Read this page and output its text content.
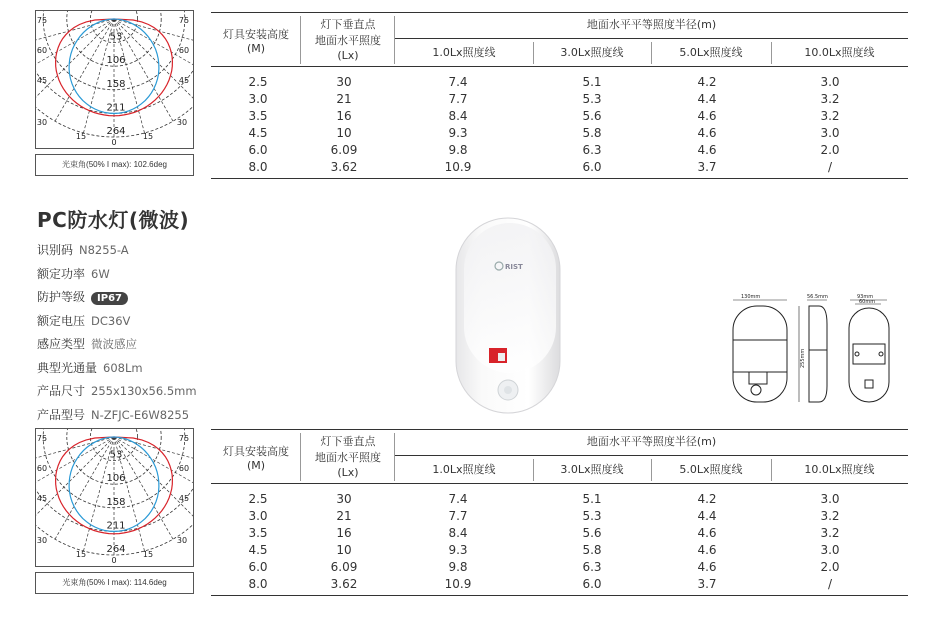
53
106
158
211
264
75
60
45
30
15
0
15
30
45
60
75
光束角(50% I max): 102.6deg
灯具安装高度
(M)
灯下垂直点
地面水平照度
(Lx)
地面水平平等照度半径(m)
1.0Lx照度线	3.0Lx照度线	5.0Lx照度线	10.0Lx照度线
2.5	30	7.4	5.1	4.2	3.0
3.0	21	7.7	5.3	4.4	3.2
3.5	16	8.4	5.6	4.6	3.2
4.5	10	9.3	5.8	4.6	3.0
6.0	6.09	9.8	6.3	4.6	2.0
8.0	3.62	10.9	6.0	3.7	/
PC防水灯(微波)
识别码 N8255-A
额定功率 6W
防护等级 IP67
额定电压 DC36V
感应类型 微波感应
典型光通量 608Lm
产品尺寸 255x130x56.5mm
产品型号 N-ZFJC-E6W8255
RIST
130mm	56.5mm	93mm
60mm
255mm
53
106
158
211
264
75
60
45
30
15
0
15
30
45
60
75
光束角(50% I max): 114.6deg
灯具安装高度
(M)
灯下垂直点
地面水平照度
(Lx)
地面水平平等照度半径(m)
1.0Lx照度线	3.0Lx照度线	5.0Lx照度线	10.0Lx照度线
2.5	30	7.4	5.1	4.2	3.0
3.0	21	7.7	5.3	4.4	3.2
3.5	16	8.4	5.6	4.6	3.2
4.5	10	9.3	5.8	4.6	3.0
6.0	6.09	9.8	6.3	4.6	2.0
8.0	3.62	10.9	6.0	3.7	/
